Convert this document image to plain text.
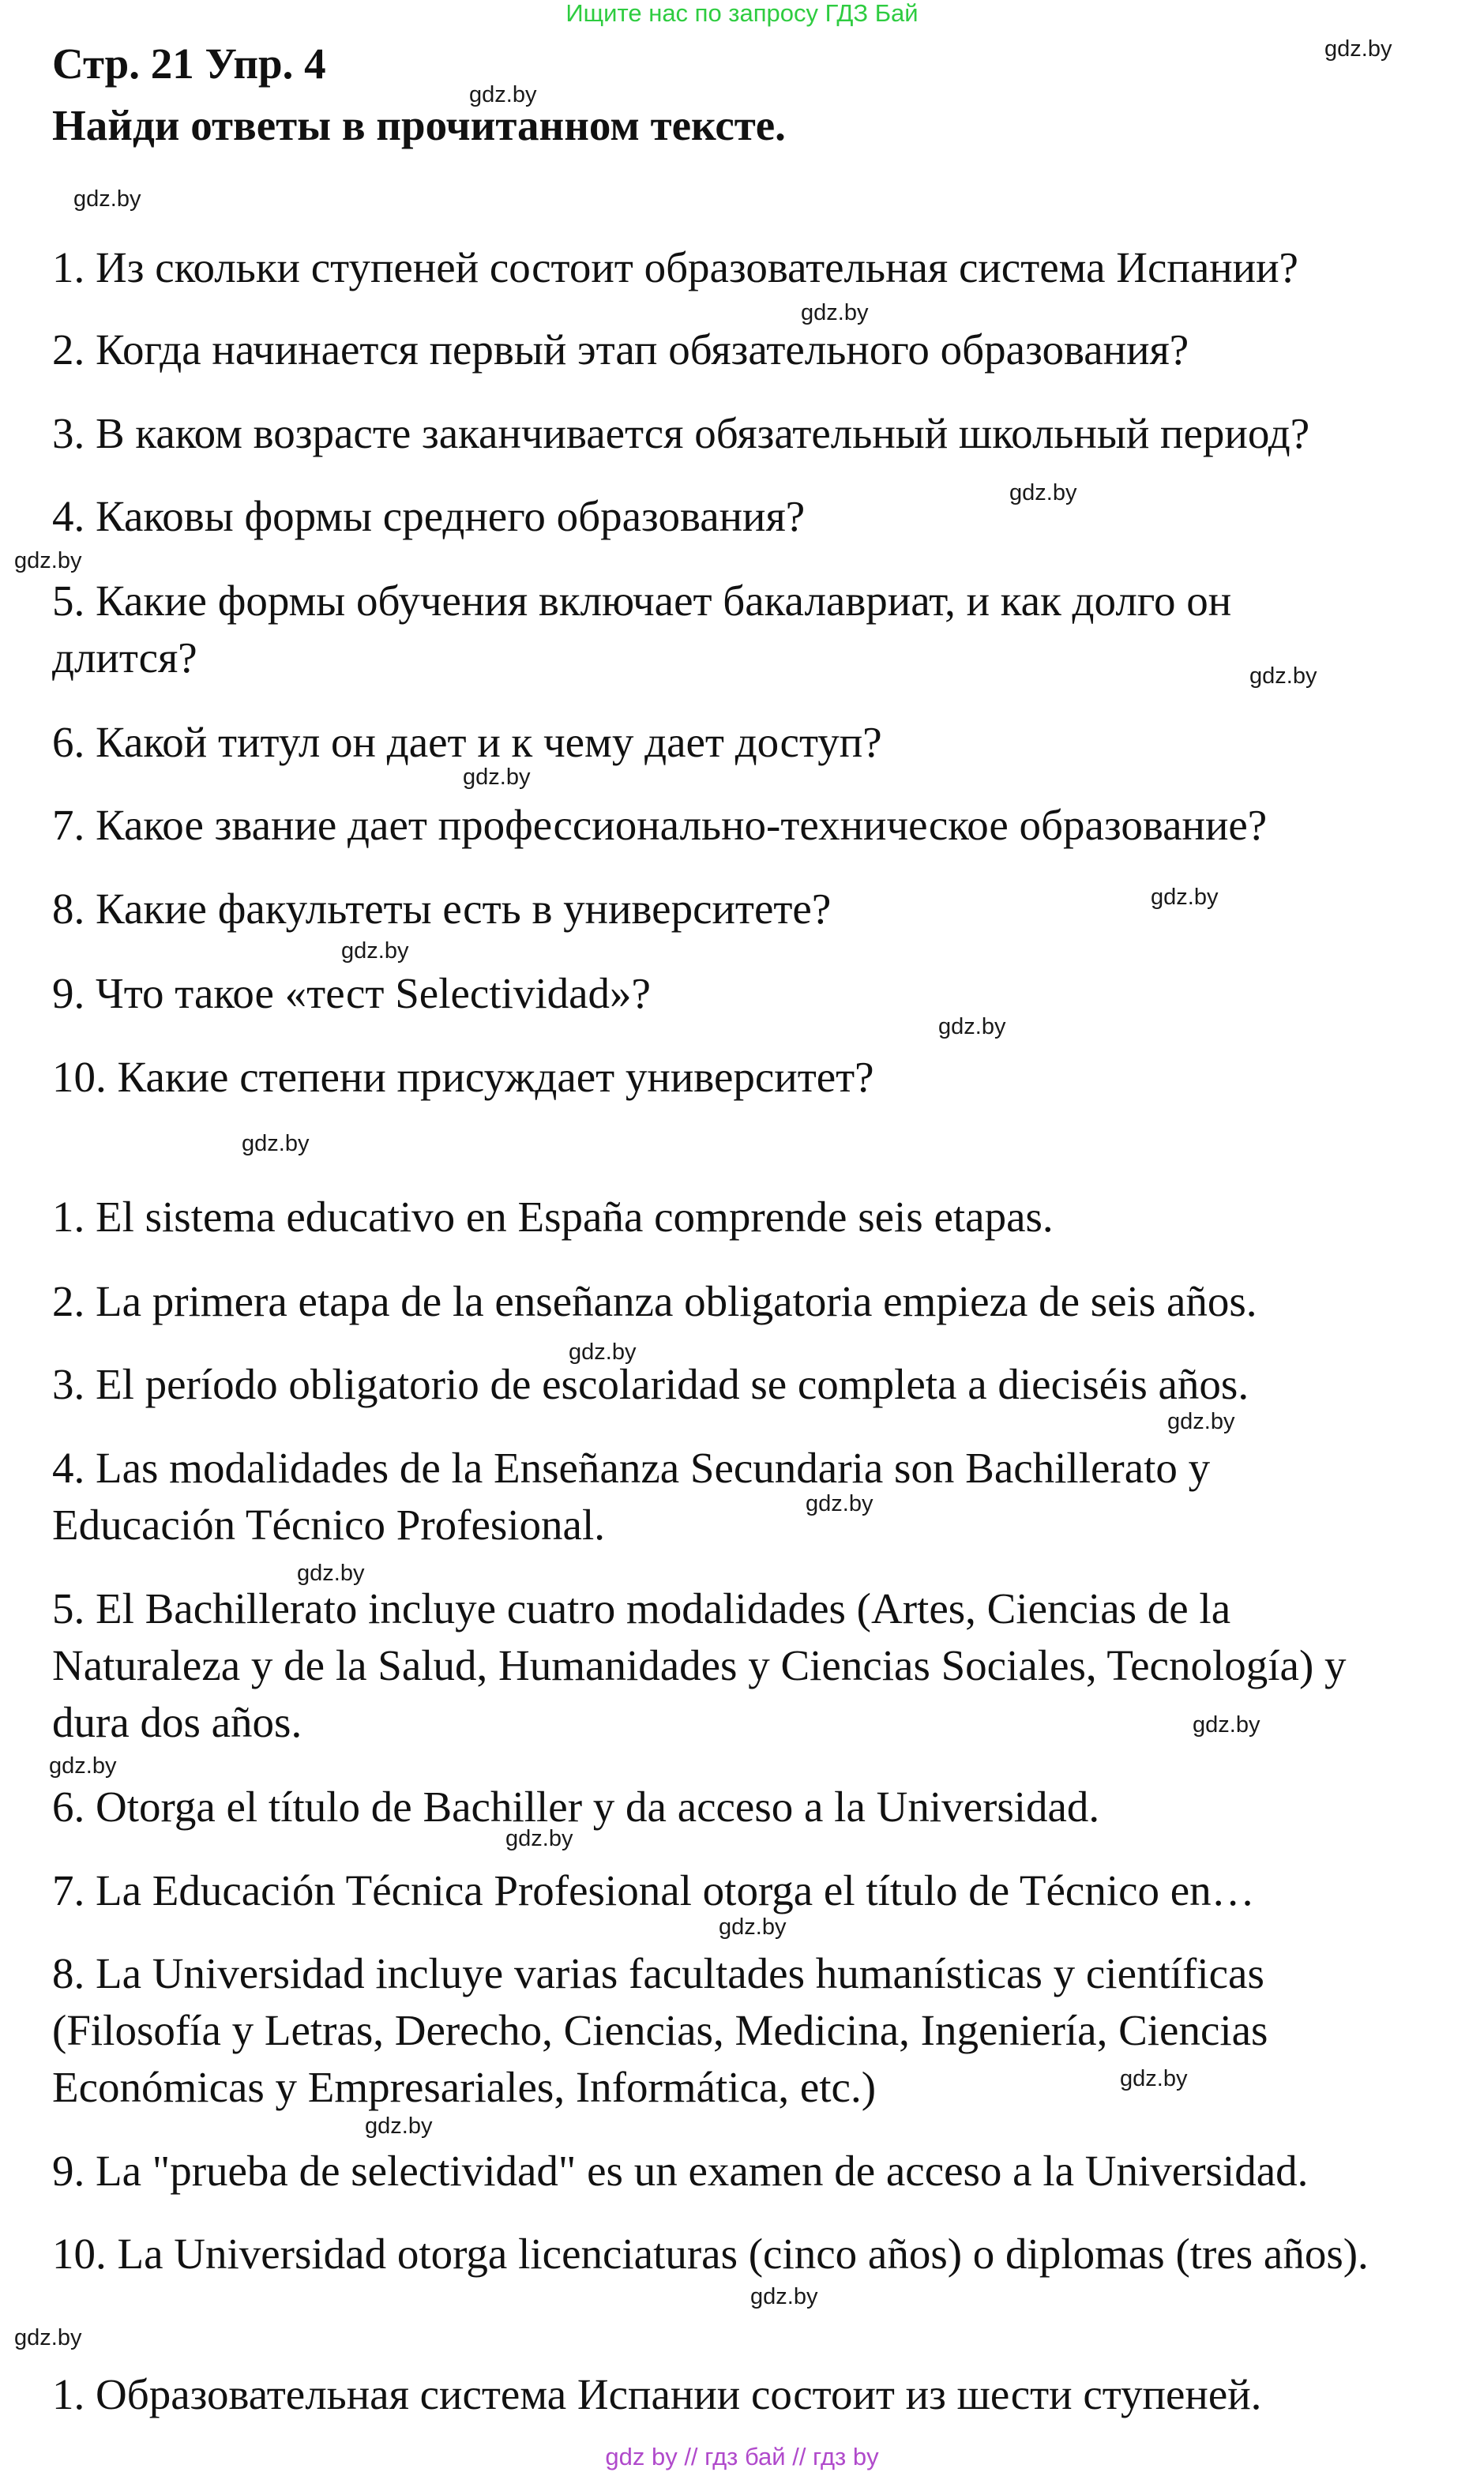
Ищите нас по запросу ГДЗ Бай
Стр. 21 Упр. 4
Найди ответы в прочитанном тексте.
1. Из скольки ступеней состоит образовательная система Испании?
2. Когда начинается первый этап обязательного образования?
3. В каком возрасте заканчивается обязательный школьный период?
4. Каковы формы среднего образования?
5. Какие формы обучения включает бакалавриат, и как долго он
длится?
6. Какой титул он дает и к чему дает доступ?
7. Какое звание дает профессионально-техническое образование?
8. Какие факультеты есть в университете?
9. Что такое «тест Selectividad»?
10. Какие степени присуждает университет?
1. El sistema educativo en España comprende seis etapas.
2. La primera etapa de la enseñanza obligatoria empieza de seis años.
3. El período obligatorio de escolaridad se completa a dieciséis años.
4. Las modalidades de la Enseñanza Secundaria son Bachillerato y
Educación Técnico Profesional.
5. El Bachillerato incluye cuatro modalidades (Artes, Ciencias de la
Naturaleza y de la Salud, Humanidades y Ciencias Sociales, Tecnología) y
dura dos años.
6. Otorga el título de Bachiller y da acceso a la Universidad.
7. La Educación Técnica Profesional otorga el título de Técnico en…
8. La Universidad incluye varias facultades humanísticas y científicas
(Filosofía y Letras, Derecho, Ciencias, Medicina, Ingeniería, Ciencias
Económicas y Empresariales, Informática, etc.)
9. La "prueba de selectividad" es un examen de acceso a la Universidad.
10. La Universidad otorga licenciaturas (cinco años) o diplomas (tres años).
1. Образовательная система Испании состоит из шести ступеней.
gdz.by
gdz.by
gdz.by
gdz.by
gdz.by
gdz.by
gdz.by
gdz.by
gdz.by
gdz.by
gdz.by
gdz.by
gdz.by
gdz.by
gdz.by
gdz.by
gdz.by
gdz.by
gdz.by
gdz.by
gdz.by
gdz.by
gdz.by
gdz.by
gdz by // гдз бай // гдз by
